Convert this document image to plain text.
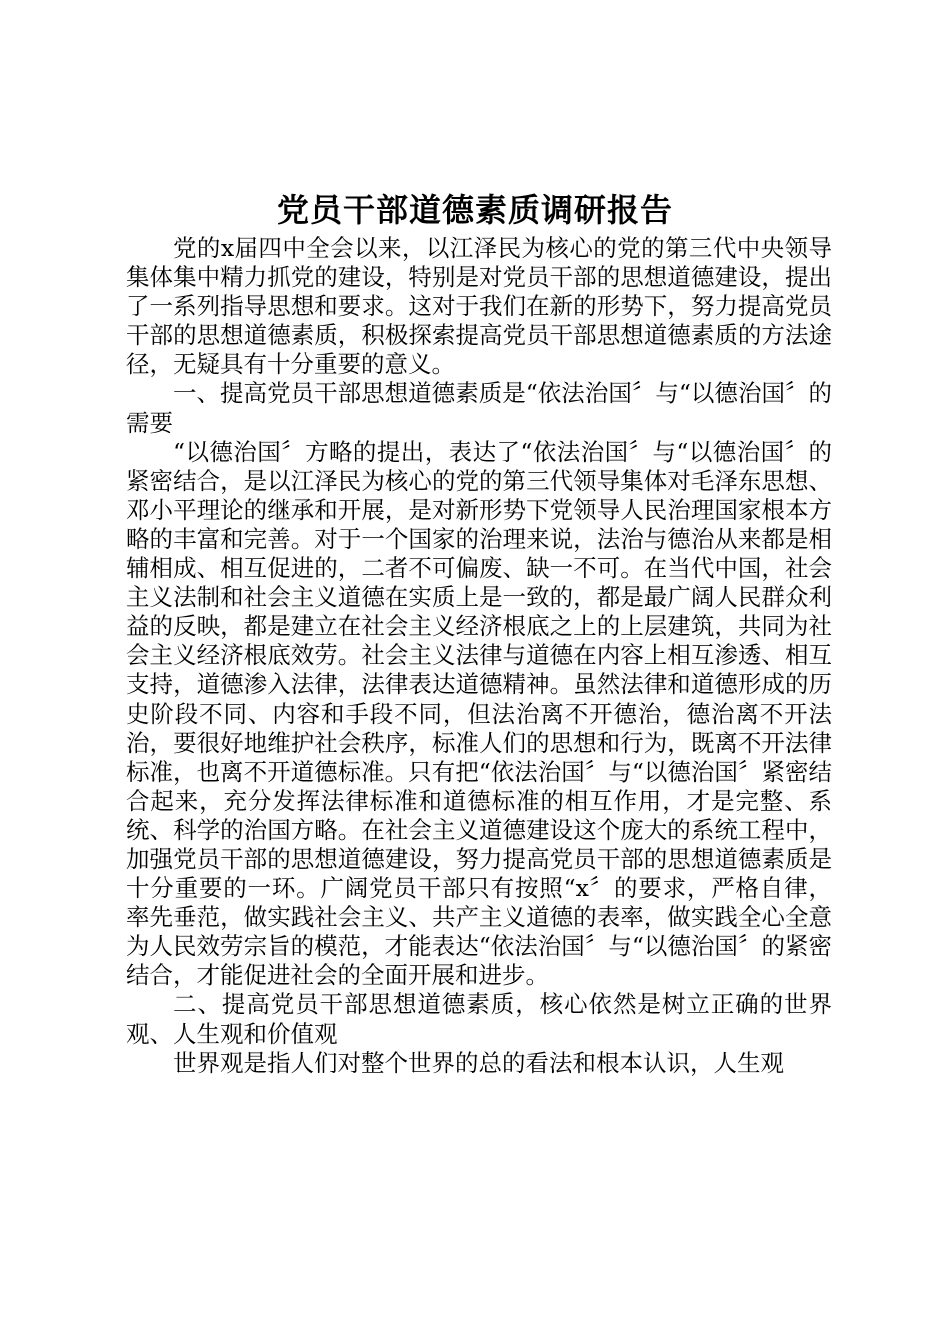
党员干部道德素质调研报告

党的x届四中全会以来，以江泽民为核心的党的第三代中央领导集体集中精力抓党的建设，特别是对党员干部的思想道德建设，提出了一系列指导思想和要求。这对于我们在新的形势下，努力提高党员干部的思想道德素质，积极探索提高党员干部思想道德素质的方法途径，无疑具有十分重要的意义。

一、提高党员干部思想道德素质是“依法治国〞与“以德治国〞的需要

“以德治国〞方略的提出，表达了“依法治国〞与“以德治国〞的紧密结合，是以江泽民为核心的党的第三代领导集体对毛泽东思想、邓小平理论的继承和开展，是对新形势下党领导人民治理国家根本方略的丰富和完善。对于一个国家的治理来说，法治与德治从来都是相辅相成、相互促进的，二者不可偏废、缺一不可。在当代中国，社会主义法制和社会主义道德在实质上是一致的，都是最广阔人民群众利益的反映，都是建立在社会主义经济根底之上的上层建筑，共同为社会主义经济根底效劳。社会主义法律与道德在内容上相互渗透、相互支持，道德渗入法律，法律表达道德精神。虽然法律和道德形成的历史阶段不同、内容和手段不同，但法治离不开德治，德治离不开法治，要很好地维护社会秩序，标准人们的思想和行为，既离不开法律标准，也离不开道德标准。只有把“依法治国〞与“以德治国〞紧密结合起来，充分发挥法律标准和道德标准的相互作用，才是完整、系统、科学的治国方略。在社会主义道德建设这个庞大的系统工程中，加强党员干部的思想道德建设，努力提高党员干部的思想道德素质是十分重要的一环。广阔党员干部只有按照“x〞的要求，严格自律，率先垂范，做实践社会主义、共产主义道德的表率，做实践全心全意为人民效劳宗旨的模范，才能表达“依法治国〞与“以德治国〞的紧密结合，才能促进社会的全面开展和进步。

二、提高党员干部思想道德素质，核心依然是树立正确的世界观、人生观和价值观

世界观是指人们对整个世界的总的看法和根本认识，人生观
